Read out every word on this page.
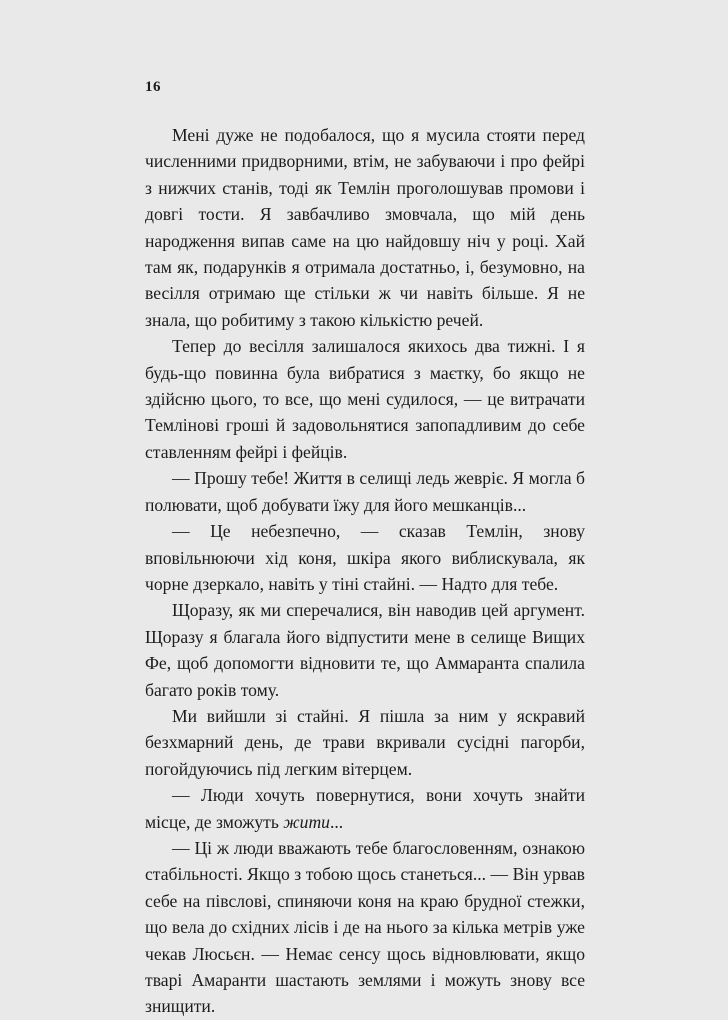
16

Мені дуже не подобалося, що я мусила стояти перед численними придворними, втім, не забуваючи і про фейрі з нижчих станів, тоді як Темлін проголошував промови і довгі тости. Я завбачливо змовчала, що мій день народження випав саме на цю найдовшу ніч у році. Хай там як, подарунків я отримала достатньо, і, безумовно, на весілля отримаю ще стільки ж чи навіть більше. Я не знала, що робитиму з такою кількістю речей.

Тепер до весілля залишалося якихось два тижні. І я будь-що повинна була вибратися з маєтку, бо якщо не здійсню цього, то все, що мені судилося, — це витрачати Темлінові гроші й задовольнятися запопадливим до себе ставленням фейрі і фейців.

— Прошу тебе! Життя в селищі ледь жевріє. Я могла б полювати, щоб добувати їжу для його мешканців...

— Це небезпечно, — сказав Темлін, знову вповільнюючи хід коня, шкіра якого виблискувала, як чорне дзеркало, навіть у тіні стайні. — Надто для тебе.

Щоразу, як ми сперечалися, він наводив цей аргумент. Щоразу я благала його відпустити мене в селище Вищих Фе, щоб допомогти відновити те, що Аммаранта спалила багато років тому.

Ми вийшли зі стайні. Я пішла за ним у яскравий безхмарний день, де трави вкривали сусідні пагорби, погойдуючись під легким вітерцем.

— Люди хочуть повернутися, вони хочуть знайти місце, де зможуть жити...

— Ці ж люди вважають тебе благословенням, ознакою стабільності. Якщо з тобою щось станеться... — Він урвав себе на півслові, спиняючи коня на краю брудної стежки, що вела до східних лісів і де на нього за кілька метрів уже чекав Люсьєн. — Немає сенсу щось відновлювати, якщо тварі Амаранти шастають землями і можуть знову все знищити.
